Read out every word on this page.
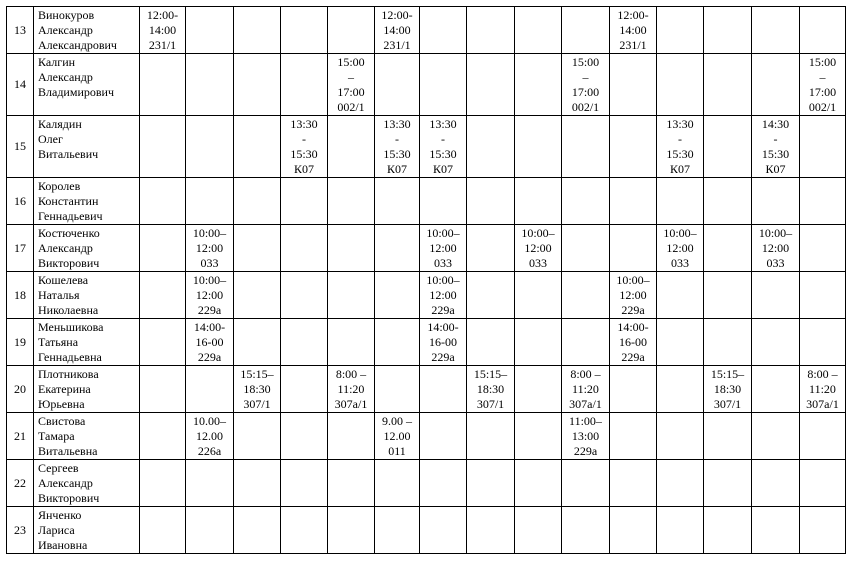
13	Винокуров
Александр
Александрович	12:00-
14:00
231/1					12:00-
14:00
231/1					12:00-
14:00
231/1				

14	Калгин
Александр
Владимирович					15:00
–
17:00
002/1					15:00
–
17:00
002/1					15:00
–
17:00
002/1

15	Калядин
Олег
Витальевич				13:30
-
15:30
К07		13:30
-
15:30
К07	13:30
-
15:30
К07					13:30
-
15:30
К07		14:30
-
15:30
К07	

16	Королев
Константин
Геннадьевич															

17	Костюченко
Александр
Викторович		10:00–
12:00
033					10:00–
12:00
033		10:00–
12:00
033			10:00–
12:00
033		10:00–
12:00
033	

18	Кошелева
Наталья
Николаевна		10:00–
12:00
229а					10:00–
12:00
229а				10:00–
12:00
229а				

19	Меньшикова
Татьяна
Геннадьевна		14:00-
16-00
229а					14:00-
16-00
229а				14:00-
16-00
229а				

20	Плотникова
Екатерина
Юрьевна			15:15–
18:30
307/1		8:00 –
11:20
307а/1			15:15–
18:30
307/1		8:00 –
11:20
307а/1			15:15–
18:30
307/1		8:00 –
11:20
307а/1

21	Свистова
Тамара
Витальевна		10.00–
12.00
226а				9.00 –
12.00
011				11:00–
13:00
229а					

22	Сергеев
Александр
Викторович															

23	Янченко
Лариса
Ивановна															
